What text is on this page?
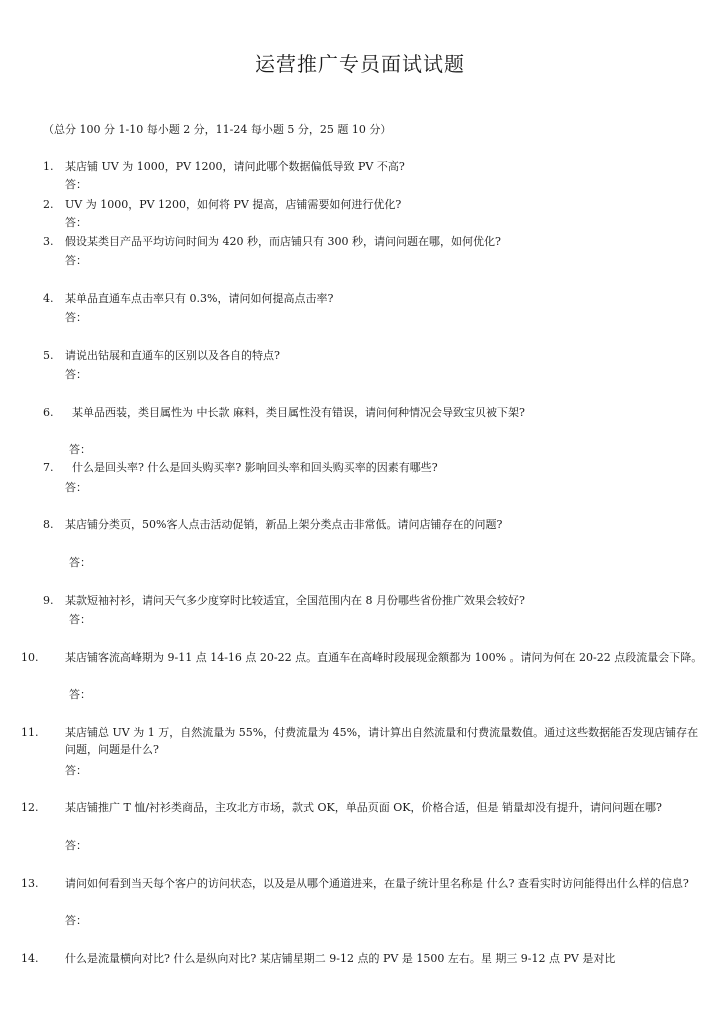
运营推广专员面试试题
（总分 100 分 1-10 每小题 2 分，11-24 每小题 5 分，25 题 10 分）
1. 某店铺 UV 为 1000，PV 1200，请问此哪个数据偏低导致 PV 不高?
答：
2. UV 为 1000，PV 1200，如何将 PV 提高，店铺需要如何进行优化?
答：
3. 假设某类目产品平均访问时间为 420 秒，而店铺只有 300 秒，请问问题在哪，如何优化?
答：
4. 某单品直通车点击率只有 0.3%，请问如何提高点击率?
答：
5. 请说出钻展和直通车的区别以及各自的特点?
答：
6. 某单品西装，类目属性为 中长款 麻料，类目属性没有错误，请问何种情况会导致宝贝被下架?
答：
7. 什么是回头率? 什么是回头购买率? 影响回头率和回头购买率的因素有哪些?
答：
8. 某店铺分类页，50%客人点击活动促销，新品上架分类点击非常低。请问店铺存在的问题?
答：
9. 某款短袖衬衫，请问天气多少度穿时比较适宜，全国范围内在 8 月份哪些省份推广效果会较好?
答：
10. 某店铺客流高峰期为 9-11 点 14-16 点 20-22 点。直通车在高峰时段展现金额都为 100% 。请问为何在 20-22 点段流量会下降。
答：
11. 某店铺总 UV 为 1 万，自然流量为 55%，付费流量为 45%，请计算出自然流量和付费流量数值。通过这些数据能否发现店铺存在问题，问题是什么?
答：
12. 某店铺推广 T 恤/衬衫类商品，主攻北方市场，款式 OK，单品页面 OK，价格合适，但是 销量却没有提升，请问问题在哪?
答：
13. 请问如何看到当天每个客户的访问状态，以及是从哪个通道进来，在量子统计里名称是 什么? 查看实时访问能得出什么样的信息?
答：
14. 什么是流量横向对比? 什么是纵向对比? 某店铺星期二 9-12 点的 PV 是 1500 左右。星 期三 9-12 点 PV 是对比
